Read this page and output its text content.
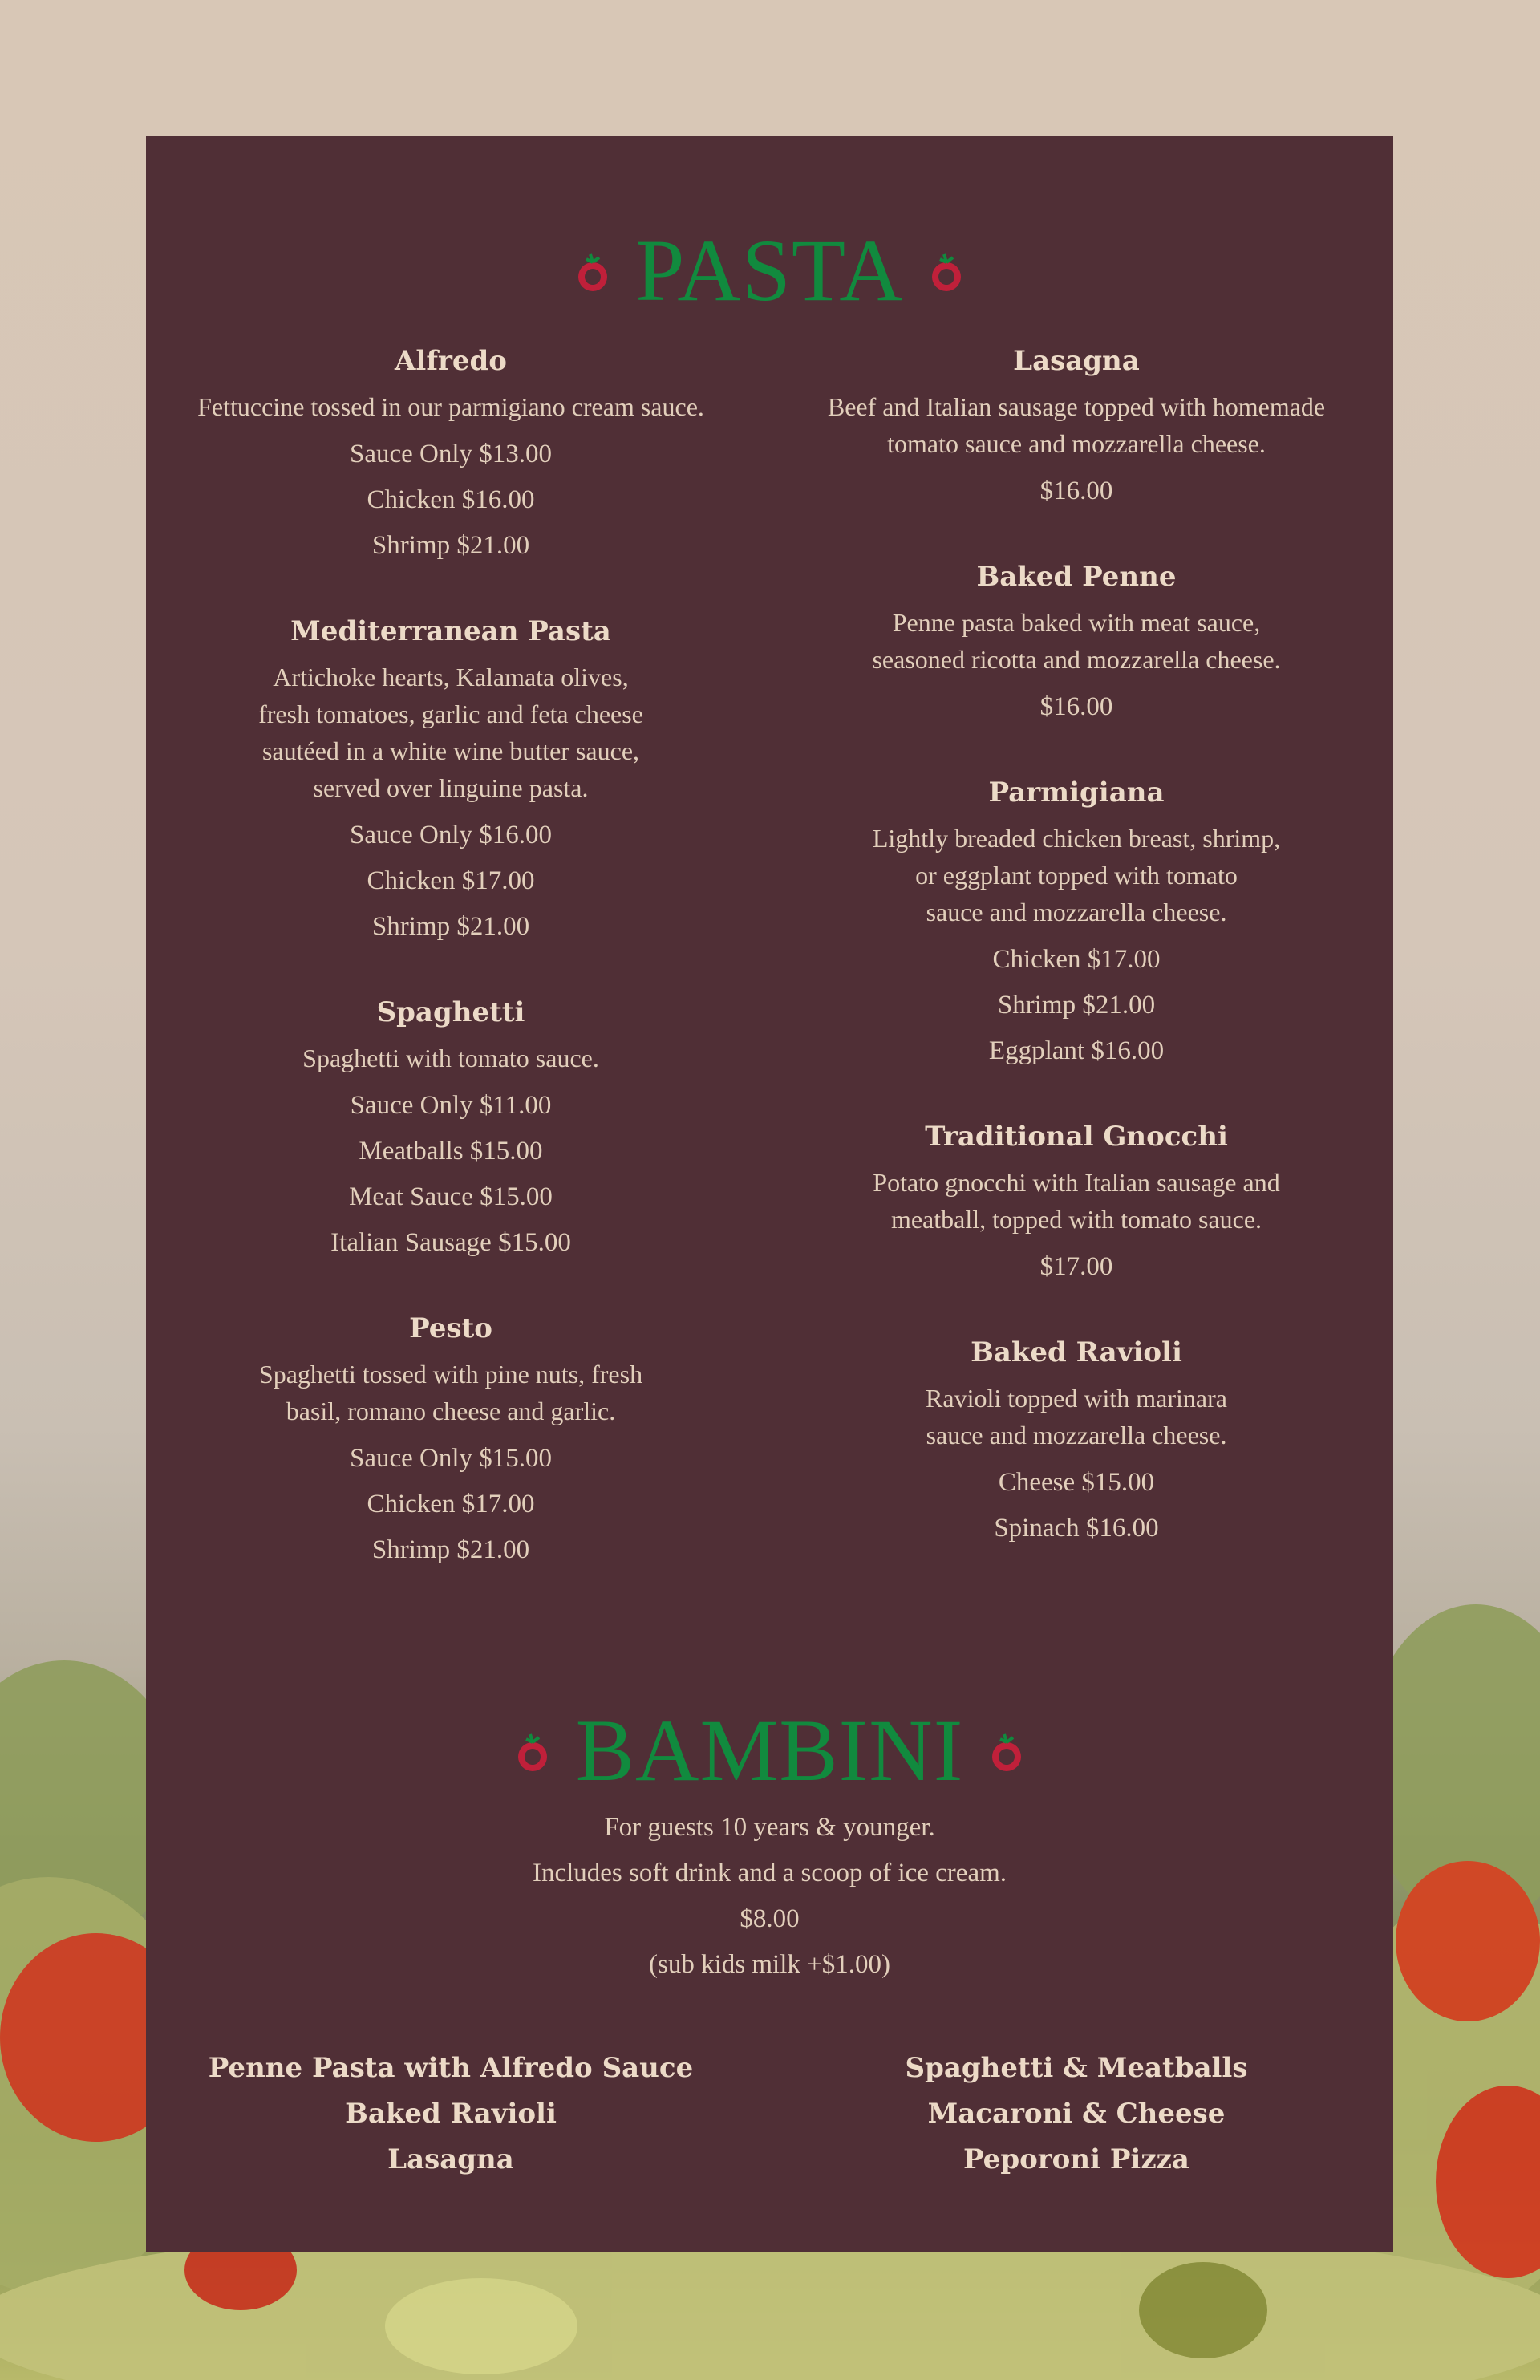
PASTA
Alfredo
Fettuccine tossed in our parmigiano cream sauce.
Sauce Only $13.00
Chicken $16.00
Shrimp $21.00
Mediterranean Pasta
Artichoke hearts, Kalamata olives,
fresh tomatoes, garlic and feta cheese
sautéed in a white wine butter sauce,
served over linguine pasta.
Sauce Only $16.00
Chicken $17.00
Shrimp $21.00
Spaghetti
Spaghetti with tomato sauce.
Sauce Only $11.00
Meatballs $15.00
Meat Sauce $15.00
Italian Sausage $15.00
Pesto
Spaghetti tossed with pine nuts, fresh
basil, romano cheese and garlic.
Sauce Only $15.00
Chicken $17.00
Shrimp $21.00
Lasagna
Beef and Italian sausage topped with homemade
tomato sauce and mozzarella cheese.
$16.00
Baked Penne
Penne pasta baked with meat sauce,
seasoned ricotta and mozzarella cheese.
$16.00
Parmigiana
Lightly breaded chicken breast, shrimp,
or eggplant topped with tomato
sauce and mozzarella cheese.
Chicken $17.00
Shrimp $21.00
Eggplant $16.00
Traditional Gnocchi
Potato gnocchi with Italian sausage and
meatball, topped with tomato sauce.
$17.00
Baked Ravioli
Ravioli topped with marinara
sauce and mozzarella cheese.
Cheese $15.00
Spinach $16.00
BAMBINI
For guests 10 years & younger.
Includes soft drink and a scoop of ice cream.
$8.00
(sub kids milk +$1.00)
Penne Pasta with Alfredo Sauce
Baked Ravioli
Lasagna
Spaghetti & Meatballs
Macaroni & Cheese
Peporoni Pizza
